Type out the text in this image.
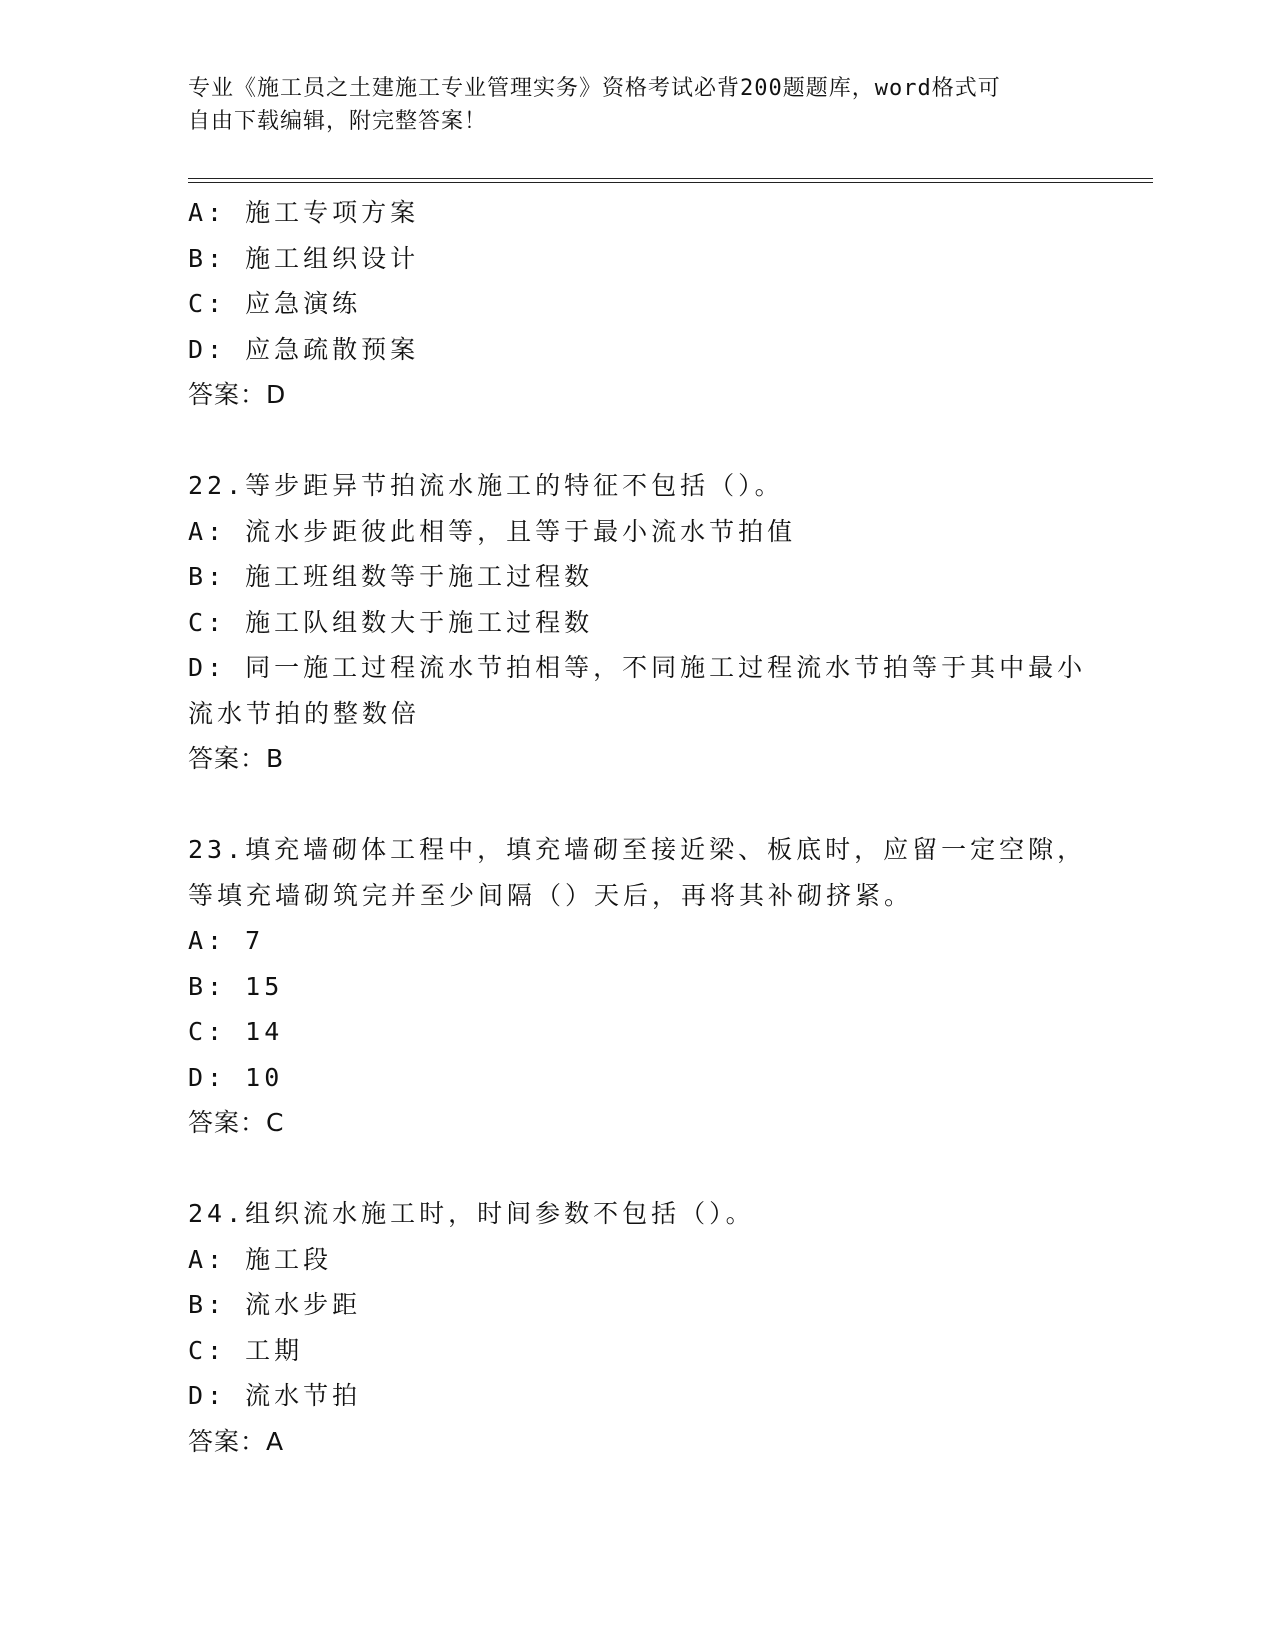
专业《施工员之土建施工专业管理实务》资格考试必背200题题库，word格式可
自由下载编辑，附完整答案！
A: 施工专项方案
B: 施工组织设计
C: 应急演练
D: 应急疏散预案
答案：D
22.等步距异节拍流水施工的特征不包括（）。
A: 流水步距彼此相等，且等于最小流水节拍值
B: 施工班组数等于施工过程数
C: 施工队组数大于施工过程数
D: 同一施工过程流水节拍相等，不同施工过程流水节拍等于其中最小
流水节拍的整数倍
答案：B
23.填充墙砌体工程中，填充墙砌至接近梁、板底时，应留一定空隙，
等填充墙砌筑完并至少间隔（）天后，再将其补砌挤紧。
A: 7
B: 15
C: 14
D: 10
答案：C
24.组织流水施工时，时间参数不包括（）。
A: 施工段
B: 流水步距
C: 工期
D: 流水节拍
答案：A
